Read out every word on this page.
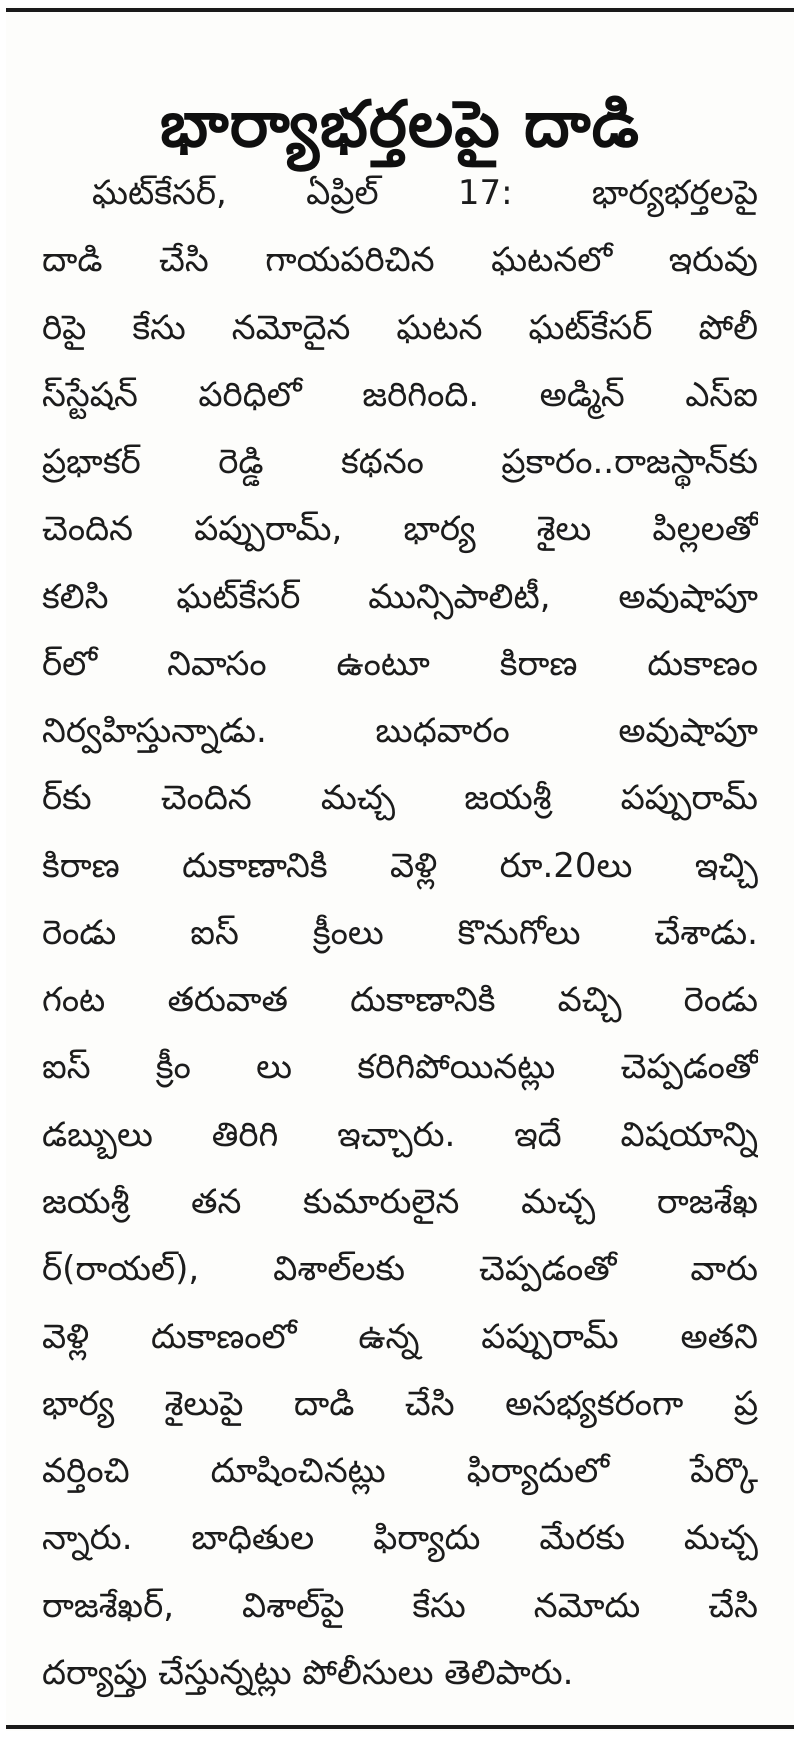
భార్యాభర్తలపై దాడి
ఘట్‌కేసర్, ఏప్రిల్ 17: భార్యభర్తలపై
దాడి చేసి గాయపరిచిన ఘటనలో ఇరువు
రిపై కేసు నమోదైన ఘటన ఘట్‌కేసర్ పోలీ
స్‌స్టేషన్ పరిధిలో జరిగింది. అడ్మిన్ ఎస్ఐ
ప్రభాకర్ రెడ్డి కథనం ప్రకారం..రాజస్థాన్‌కు
చెందిన పప్పురామ్, భార్య శైలు పిల్లలతో
కలిసి ఘట్‌కేసర్ మున్సిపాలిటీ, అవుషాపూ
ర్‌లో నివాసం ఉంటూ కిరాణ దుకాణం
నిర్వహిస్తున్నాడు. బుధవారం అవుషాపూ
ర్‌కు చెందిన మచ్చ జయశ్రీ పప్పురామ్
కిరాణ దుకాణానికి వెళ్లి రూ.20లు ఇచ్చి
రెండు ఐస్ క్రీంలు కొనుగోలు చేశాడు.
గంట తరువాత దుకాణానికి వచ్చి రెండు
ఐస్ క్రీం లు కరిగిపోయినట్లు చెప్పడంతో
డబ్బులు తిరిగి ఇచ్చారు. ఇదే విషయాన్ని
జయశ్రీ తన కుమారులైన మచ్చ రాజశేఖ
ర్(రాయల్), విశాల్‌లకు చెప్పడంతో వారు
వెళ్లి దుకాణంలో ఉన్న పప్పురామ్ అతని
భార్య శైలుపై దాడి చేసి అసభ్యకరంగా ప్ర
వర్తించి దూషించినట్లు ఫిర్యాదులో పేర్కొ
న్నారు. బాధితుల ఫిర్యాదు మేరకు మచ్చ
రాజశేఖర్, విశాల్‌పై కేసు నమోదు చేసి
దర్యాప్తు చేస్తున్నట్లు పోలీసులు తెలిపారు.
